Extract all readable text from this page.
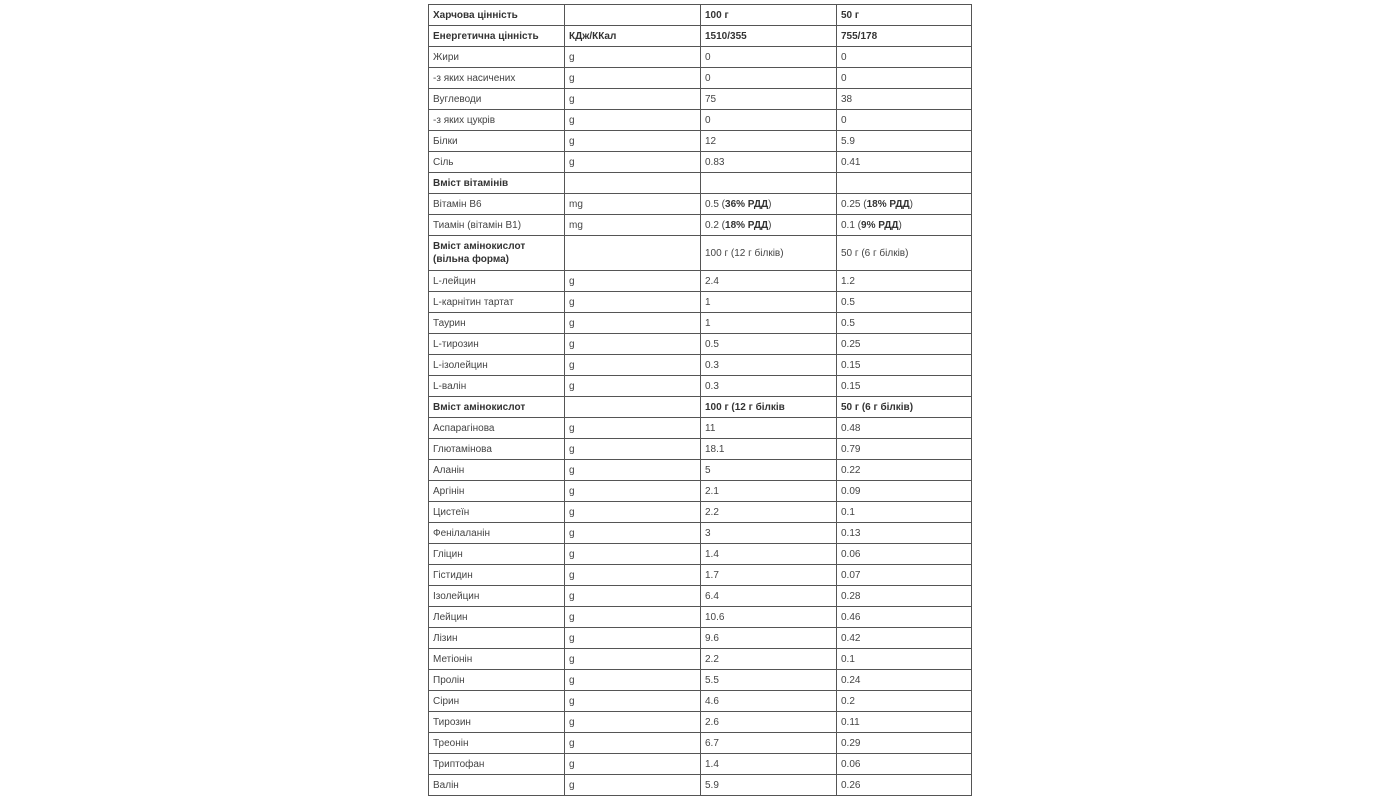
Харчова цінність		100 г	50 г
Енергетична цінність	КДж/ККал	1510/355	755/178
Жири	g	0	0
-з яких насичених	g	0	0
Вуглеводи	g	75	38
-з яких цукрів	g	0	0
Білки	g	12	5.9
Сіль	g	0.83	0.41
Вміст вітамінів			
Вітамін B6	mg	0.5 (36% РДД)	0.25 (18% РДД)
Тиамін (вітамін B1)	mg	0.2 (18% РДД)	0.1 (9% РДД)
Вміст амінокислот (вільна форма)		100 г (12 г білків)	50 г (6 г білків)
L-лейцин	g	2.4	1.2
L-карнітин тартат	g	1	0.5
Таурин	g	1	0.5
L-тирозин	g	0.5	0.25
L-ізолейцин	g	0.3	0.15
L-валін	g	0.3	0.15
Вміст амінокислот		100 г (12 г білків	50 г (6 г білків)
Аспарагінова	g	11	0.48
Глютамінова	g	18.1	0.79
Аланін	g	5	0.22
Аргінін	g	2.1	0.09
Цистеїн	g	2.2	0.1
Фенілаланін	g	3	0.13
Гліцин	g	1.4	0.06
Гістидин	g	1.7	0.07
Ізолейцин	g	6.4	0.28
Лейцин	g	10.6	0.46
Лізин	g	9.6	0.42
Метіонін	g	2.2	0.1
Пролін	g	5.5	0.24
Сірин	g	4.6	0.2
Тирозин	g	2.6	0.11
Треонін	g	6.7	0.29
Триптофан	g	1.4	0.06
Валін	g	5.9	0.26
